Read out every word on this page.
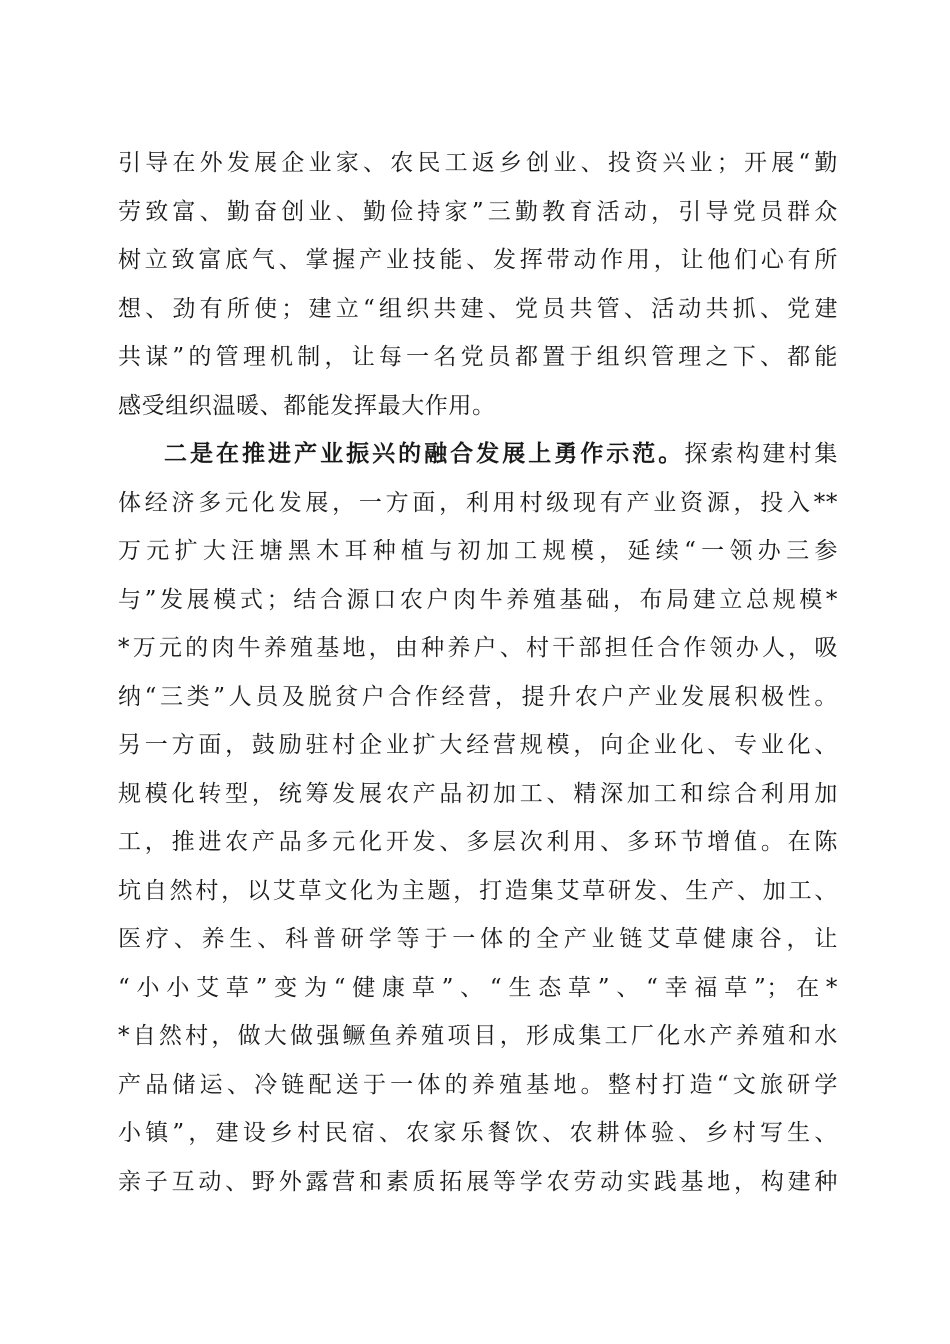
引导在外发展企业家、农民工返乡创业、投资兴业；开展“勤
劳致富、勤奋创业、勤俭持家”三勤教育活动，引导党员群众
树立致富底气、掌握产业技能、发挥带动作用，让他们心有所
想、劲有所使；建立“组织共建、党员共管、活动共抓、党建
共谋”的管理机制，让每一名党员都置于组织管理之下、都能
感受组织温暖、都能发挥最大作用。
二是在推进产业振兴的融合发展上勇作示范。探索构建村集
体经济多元化发展，一方面，利用村级现有产业资源，投入**
万元扩大汪塘黑木耳种植与初加工规模，延续“一领办三参
与”发展模式；结合源口农户肉牛养殖基础，布局建立总规模*
*万元的肉牛养殖基地，由种养户、村干部担任合作领办人，吸
纳“三类”人员及脱贫户合作经营，提升农户产业发展积极性。
另一方面，鼓励驻村企业扩大经营规模，向企业化、专业化、
规模化转型，统筹发展农产品初加工、精深加工和综合利用加
工，推进农产品多元化开发、多层次利用、多环节增值。在陈
坑自然村，以艾草文化为主题，打造集艾草研发、生产、加工、
医疗、养生、科普研学等于一体的全产业链艾草健康谷，让
“小小艾草”变为“健康草”、“生态草”、“幸福草”；在*
*自然村，做大做强鳜鱼养殖项目，形成集工厂化水产养殖和水
产品储运、冷链配送于一体的养殖基地。整村打造“文旅研学
小镇”，建设乡村民宿、农家乐餐饮、农耕体验、乡村写生、
亲子互动、野外露营和素质拓展等学农劳动实践基地，构建种
